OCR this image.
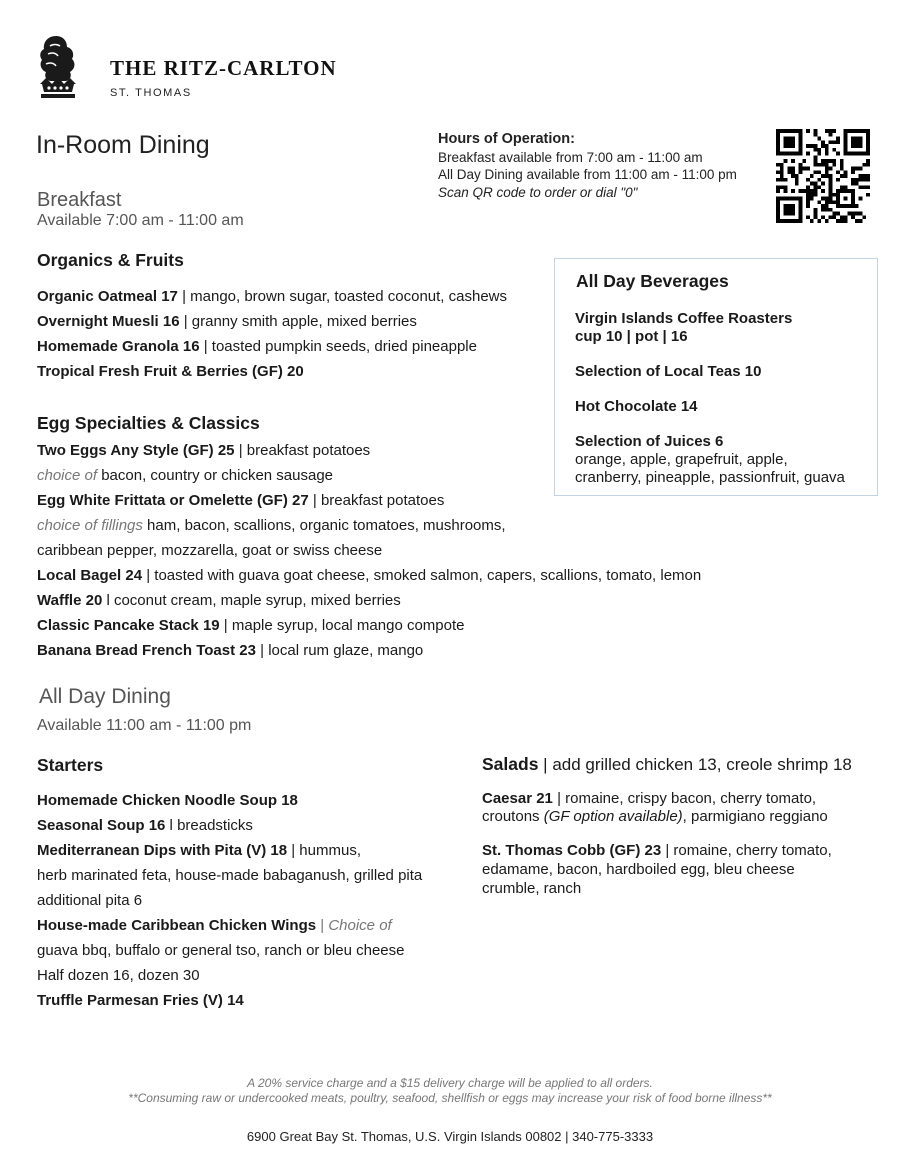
THE RITZ-CARLTON
ST. THOMAS
In-Room Dining	Hours of Operation:
Breakfast available from 7:00 am - 11:00 am
All Day Dining available from 11:00 am - 11:00 pm
Scan QR code to order or dial "0"
Breakfast
Available 7:00 am - 11:00 am
Organics & Fruits
Organic Oatmeal 17 | mango, brown sugar, toasted coconut, cashews
Overnight Muesli 16 | granny smith apple, mixed berries
Homemade Granola 16 | toasted pumpkin seeds, dried pineapple
Tropical Fresh Fruit & Berries (GF) 20
Egg Specialties & Classics
Two Eggs Any Style (GF) 25 | breakfast potatoes
choice of bacon, country or chicken sausage
Egg White Frittata or Omelette (GF) 27 | breakfast potatoes
choice of fillings ham, bacon, scallions, organic tomatoes, mushrooms,
caribbean pepper, mozzarella, goat or swiss cheese
Local Bagel 24 | toasted with guava goat cheese, smoked salmon, capers, scallions, tomato, lemon
Waffle 20 l coconut cream, maple syrup, mixed berries
Classic Pancake Stack 19 | maple syrup, local mango compote
Banana Bread French Toast 23 | local rum glaze, mango
All Day Beverages
Virgin Islands Coffee Roasters
cup 10 | pot | 16
Selection of Local Teas 10
Hot Chocolate 14
Selection of Juices 6
orange, apple, grapefruit, apple,
cranberry, pineapple, passionfruit, guava
All Day Dining
Available 11:00 am - 11:00 pm
Starters
Homemade Chicken Noodle Soup 18
Seasonal Soup 16 l breadsticks
Mediterranean Dips with Pita (V) 18 | hummus,
herb marinated feta, house-made babaganush, grilled pita
additional pita 6
House-made Caribbean Chicken Wings | Choice of
guava bbq, buffalo or general tso, ranch or bleu cheese
Half dozen 16, dozen 30
Truffle Parmesan Fries (V) 14
Salads | add grilled chicken 13, creole shrimp 18
Caesar 21 | romaine, crispy bacon, cherry tomato,
croutons (GF option available), parmigiano reggiano
St. Thomas Cobb (GF) 23 | romaine, cherry tomato,
edamame, bacon, hardboiled egg, bleu cheese
crumble, ranch
A 20% service charge and a $15 delivery charge will be applied to all orders.
**Consuming raw or undercooked meats, poultry, seafood, shellfish or eggs may increase your risk of food borne illness**
6900 Great Bay St. Thomas, U.S. Virgin Islands 00802 | 340-775-3333
